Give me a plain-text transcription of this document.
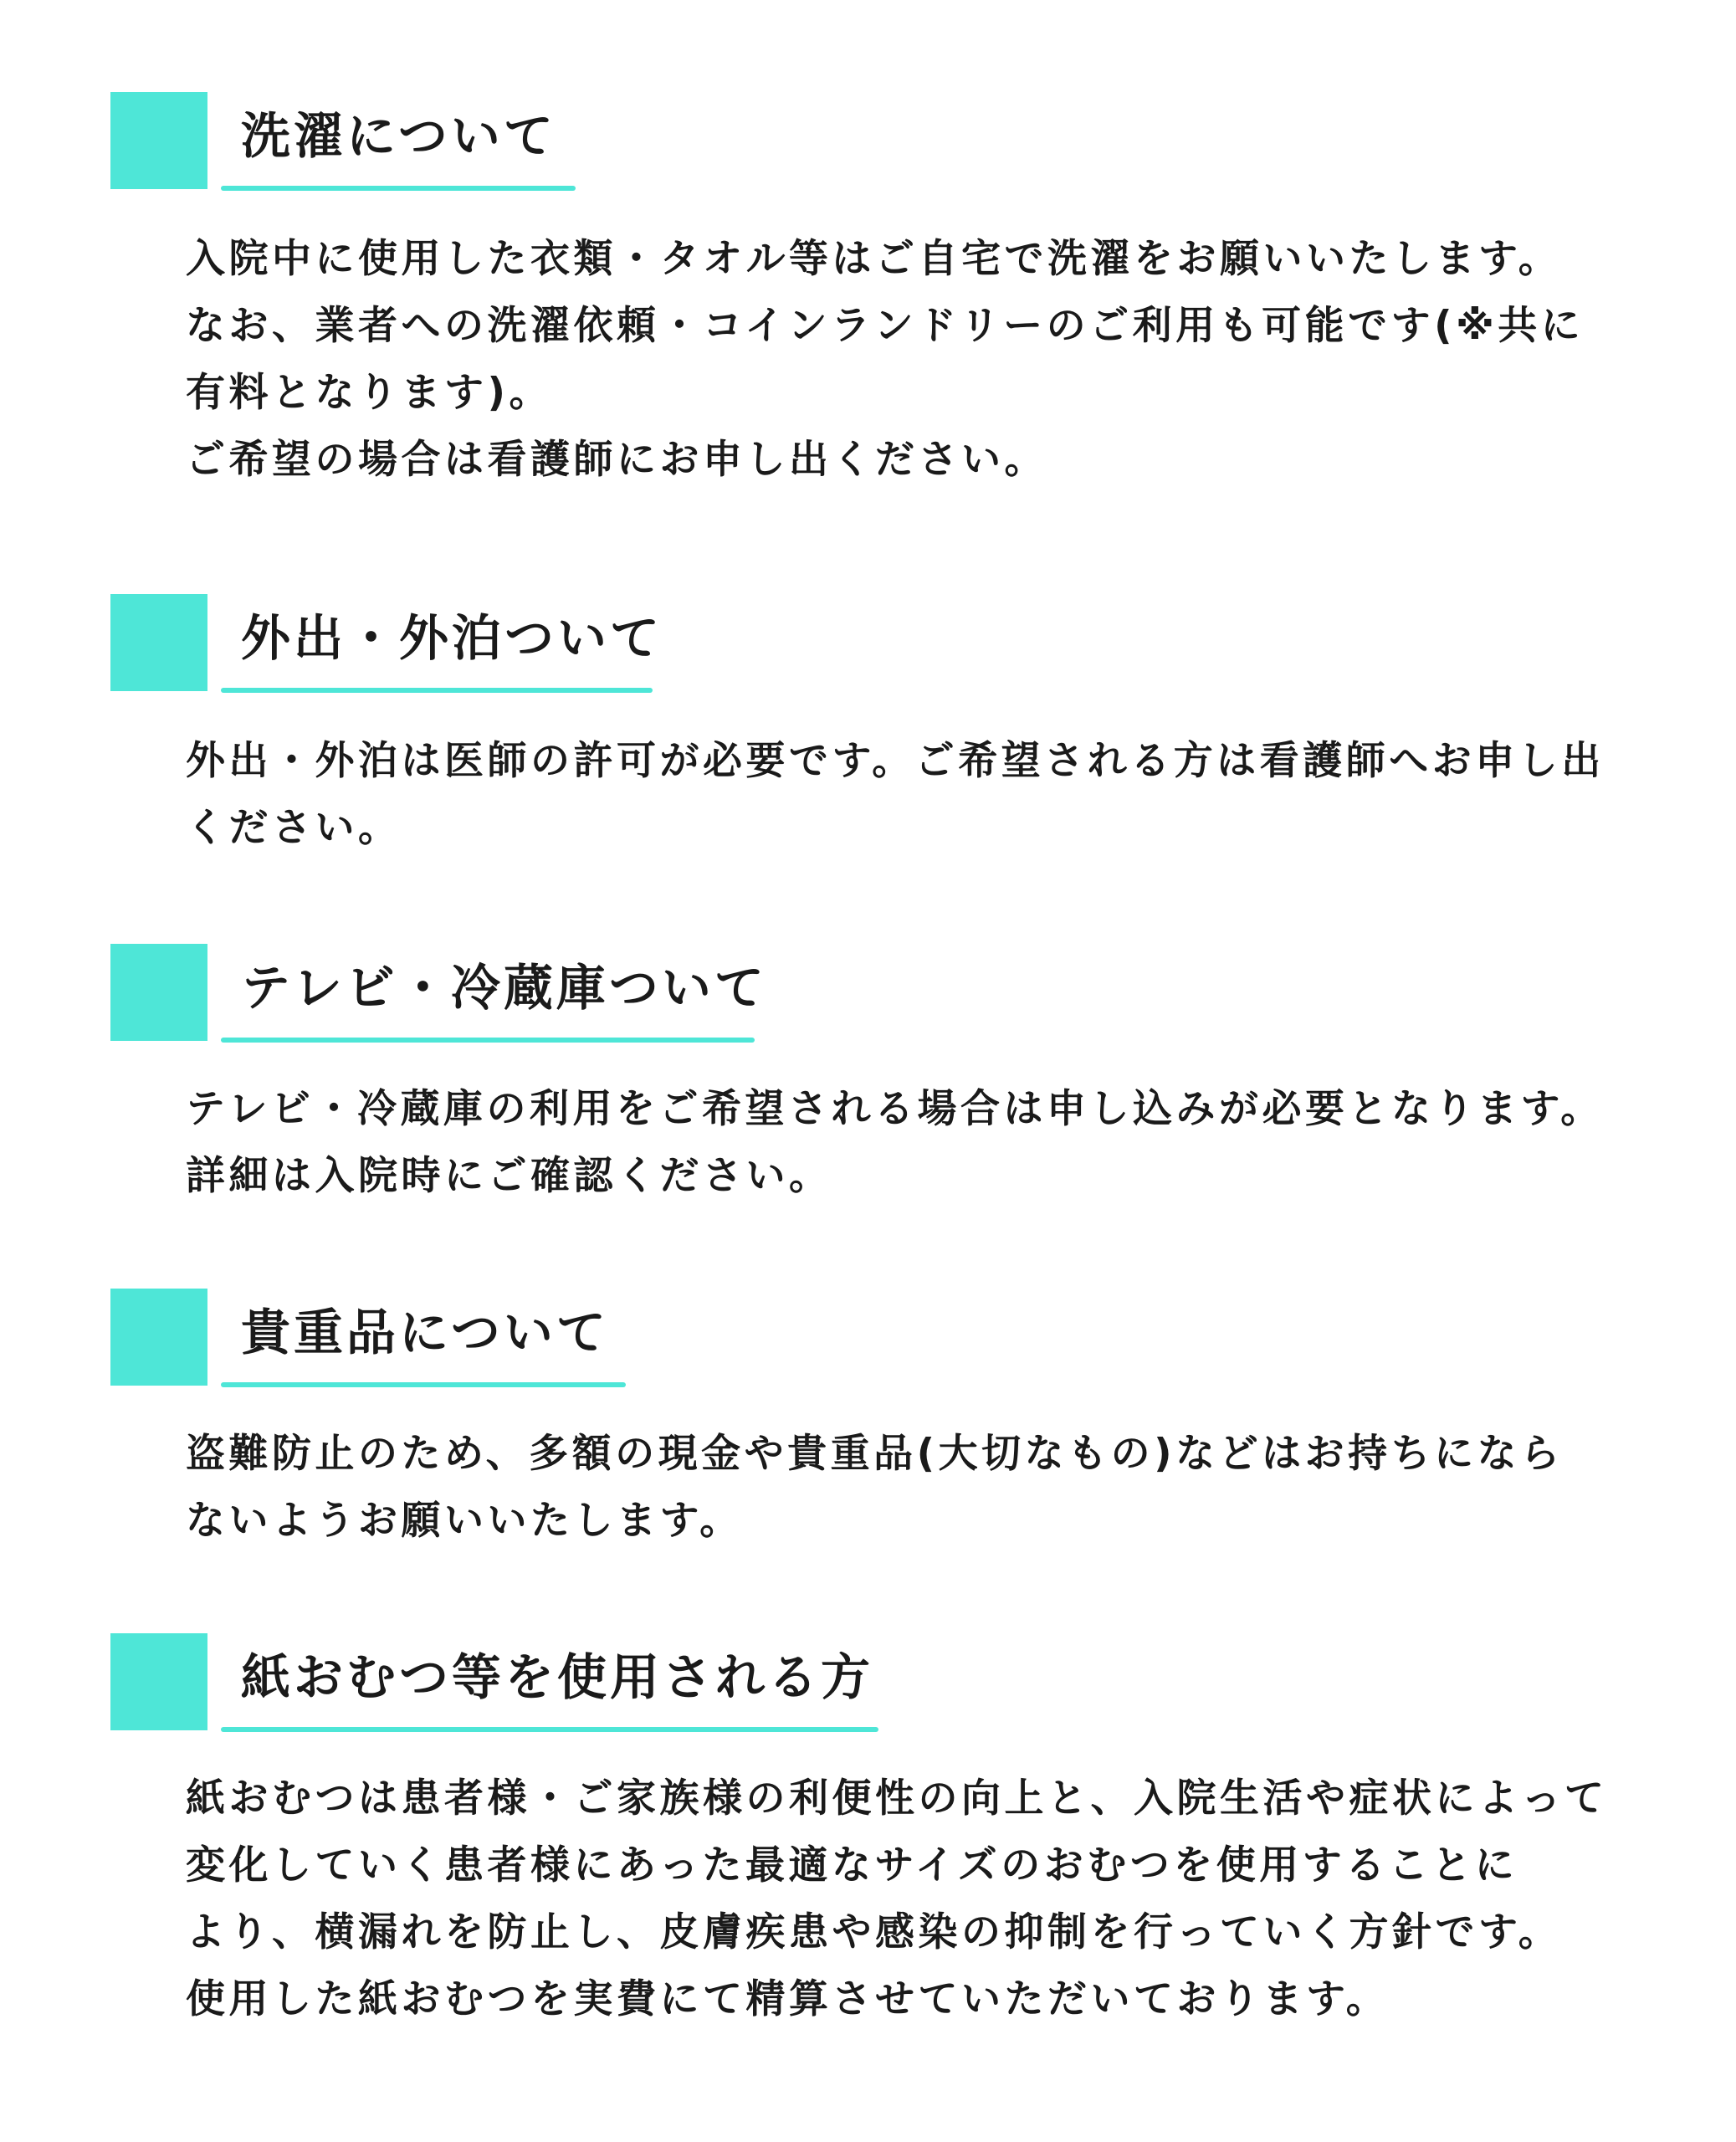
洗濯について
入院中に使用した衣類・タオル等はご自宅で洗濯をお願いいたします。
なお、業者への洗濯依頼・コインランドリーのご利用も可能です(※共に
有料となります)。
ご希望の場合は看護師にお申し出ください。
外出・外泊ついて
外出・外泊は医師の許可が必要です。ご希望される方は看護師へお申し出
ください。
テレビ・冷蔵庫ついて
テレビ・冷蔵庫の利用をご希望される場合は申し込みが必要となります。
詳細は入院時にご確認ください。
貴重品について
盗難防止のため、多額の現金や貴重品(大切なもの)などはお持ちになら
ないようお願いいたします。
紙おむつ等を使用される方
紙おむつは患者様・ご家族様の利便性の向上と、入院生活や症状によって
変化していく患者様にあった最適なサイズのおむつを使用することに
より、横漏れを防止し、皮膚疾患や感染の抑制を行っていく方針です。
使用した紙おむつを実費にて精算させていただいております。
